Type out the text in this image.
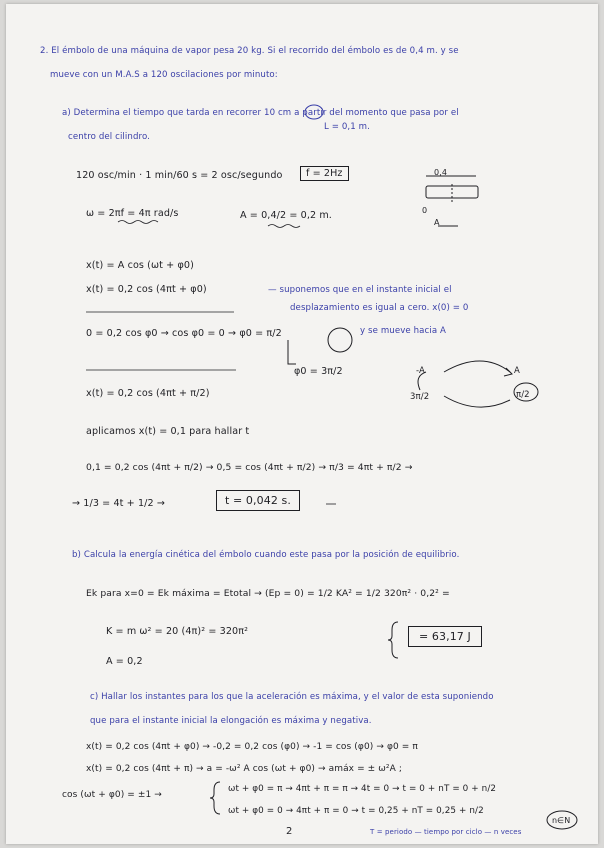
2. El émbolo de una máquina de vapor pesa 20 kg. Si el recorrido del émbolo es de 0,4 m. y se
mueve con un M.A.S a 120 oscilaciones por minuto:
a) Determina el tiempo que tarda en recorrer 10 cm a partir del momento que pasa por el
L = 0,1 m.
centro del cilindro.
120 osc/min · 1 min/60 s = 2 osc/segundo	f = 2Hz	0,4
0
A
ω = 2πf = 4π rad/s	A = 0,4/2 = 0,2 m.
x(t) = A cos (ωt + φ0)
x(t) = 0,2 cos (4πt + φ0)	— suponemos que en el instante inicial el
desplazamiento es igual a cero. x(0) = 0
0 = 0,2 cos φ0 → cos φ0 = 0 → φ0 = π/2	y se mueve hacia A
φ0 = 3π/2
x(t) = 0,2 cos (4πt + π/2)
-A	A
3π/2	π/2
aplicamos x(t) = 0,1 para hallar t
0,1 = 0,2 cos (4πt + π/2) → 0,5 = cos (4πt + π/2) → π/3 = 4πt + π/2 →
→ 1/3 = 4t + 1/2 →	t = 0,042 s.
b) Calcula la energía cinética del émbolo cuando este pasa por la posición de equilibrio.
Ek para x=0 = Ek máxima = Etotal → (Ep = 0) = 1/2 KA² = 1/2 320π² · 0,2² =
K = m ω² = 20 (4π)² = 320π²	= 63,17 J
A = 0,2
c) Hallar los instantes para los que la aceleración es máxima, y el valor de esta suponiendo
que para el instante inicial la elongación es máxima y negativa.
x(t) = 0,2 cos (4πt + φ0) → -0,2 = 0,2 cos (φ0) → -1 = cos (φ0) → φ0 = π
x(t) = 0,2 cos (4πt + π) → a = -ω² A cos (ωt + φ0) → amáx = ± ω²A ;
cos (ωt + φ0) = ±1 →
ωt + φ0 = π → 4πt + π = π → 4t = 0 → t = 0 + nT = 0 + n/2
ωt + φ0 = 0 → 4πt + π = 0 → t = 0,25 + nT = 0,25 + n/2
T = periodo — tiempo por ciclo — n veces
n∈N
2
